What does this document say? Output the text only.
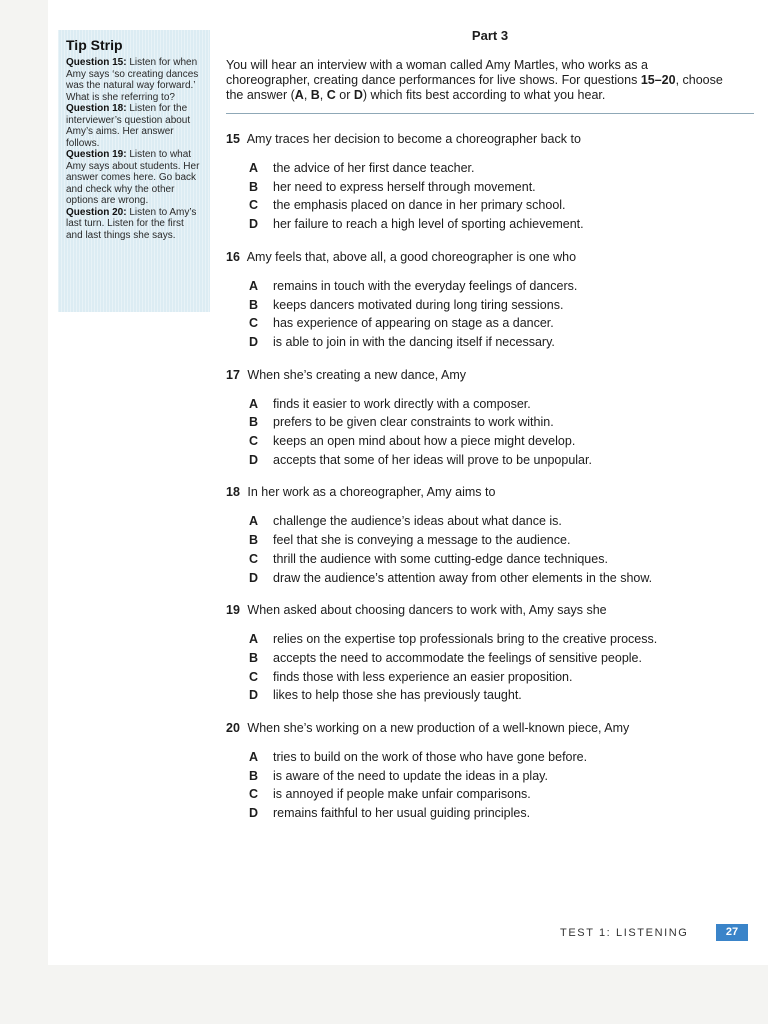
Tip Strip
Question 15: Listen for when Amy says ‘so creating dances was the natural way forward.’ What is she referring to?
Question 18: Listen for the interviewer’s question about Amy’s aims. Her answer follows.
Question 19: Listen to what Amy says about students. Her answer comes here. Go back and check why the other options are wrong.
Question 20: Listen to Amy’s last turn. Listen for the first and last things she says.
Part 3
You will hear an interview with a woman called Amy Martles, who works as a choreographer, creating dance performances for live shows. For questions 15–20, choose the answer (A, B, C or D) which fits best according to what you hear.
15 Amy traces her decision to become a choreographer back to
A	the advice of her first dance teacher.
B	her need to express herself through movement.
C	the emphasis placed on dance in her primary school.
D	her failure to reach a high level of sporting achievement.
16 Amy feels that, above all, a good choreographer is one who
A	remains in touch with the everyday feelings of dancers.
B	keeps dancers motivated during long tiring sessions.
C	has experience of appearing on stage as a dancer.
D	is able to join in with the dancing itself if necessary.
17 When she’s creating a new dance, Amy
A	finds it easier to work directly with a composer.
B	prefers to be given clear constraints to work within.
C	keeps an open mind about how a piece might develop.
D	accepts that some of her ideas will prove to be unpopular.
18 In her work as a choreographer, Amy aims to
A	challenge the audience’s ideas about what dance is.
B	feel that she is conveying a message to the audience.
C	thrill the audience with some cutting-edge dance techniques.
D	draw the audience’s attention away from other elements in the show.
19 When asked about choosing dancers to work with, Amy says she
A	relies on the expertise top professionals bring to the creative process.
B	accepts the need to accommodate the feelings of sensitive people.
C	finds those with less experience an easier proposition.
D	likes to help those she has previously taught.
20 When she’s working on a new production of a well-known piece, Amy
A	tries to build on the work of those who have gone before.
B	is aware of the need to update the ideas in a play.
C	is annoyed if people make unfair comparisons.
D	remains faithful to her usual guiding principles.
TEST 1: LISTENING	27
